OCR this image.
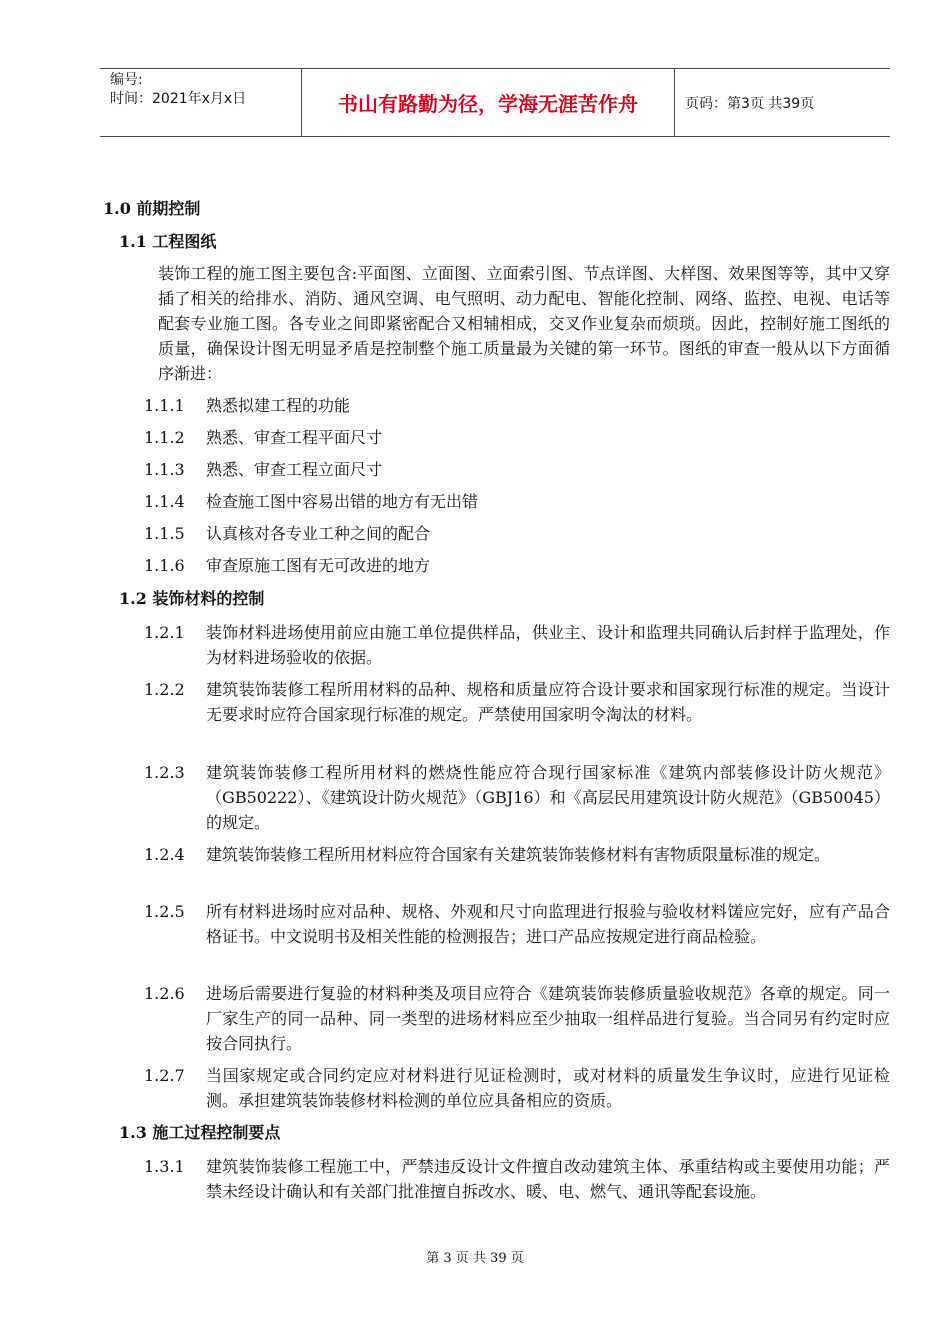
编号:
时间：2021年x月x日	书山有路勤为径，学海无涯苦作舟	页码：第3页 共39页
1.0 前期控制
1.1 工程图纸
装饰工程的施工图主要包含:平面图、立面图、立面索引图、节点详图、大样图、效果图等等，其中又穿插了相关的给排水、消防、通风空调、电气照明、动力配电、智能化控制、网络、监控、电视、电话等配套专业施工图。各专业之间即紧密配合又相辅相成，交叉作业复杂而烦琐。因此，控制好施工图纸的质量，确保设计图无明显矛盾是控制整个施工质量最为关键的第一环节。图纸的审查一般从以下方面循序渐进：
1.1.1	熟悉拟建工程的功能
1.1.2	熟悉、审查工程平面尺寸
1.1.3	熟悉、审查工程立面尺寸
1.1.4	检查施工图中容易出错的地方有无出错
1.1.5	认真核对各专业工种之间的配合
1.1.6	审查原施工图有无可改进的地方
1.2 装饰材料的控制
1.2.1	装饰材料进场使用前应由施工单位提供样品，供业主、设计和监理共同确认后封样于监理处，作为材料进场验收的依据。
1.2.2	建筑装饰装修工程所用材料的品种、规格和质量应符合设计要求和国家现行标准的规定。当设计无要求时应符合国家现行标准的规定。严禁使用国家明令淘汰的材料。
1.2.3	建筑装饰装修工程所用材料的燃烧性能应符合现行国家标准《建筑内部装修设计防火规范》（GB50222）、《建筑设计防火规范》（GBJ16）和《高层民用建筑设计防火规范》（GB50045）的规定。
1.2.4	建筑装饰装修工程所用材料应符合国家有关建筑装饰装修材料有害物质限量标准的规定。
1.2.5	所有材料进场时应对品种、规格、外观和尺寸向监理进行报验与验收材料馐应完好，应有产品合格证书。中文说明书及相关性能的检测报告；进口产品应按规定进行商品检验。
1.2.6	进场后需要进行复验的材料种类及项目应符合《建筑装饰装修质量验收规范》各章的规定。同一厂家生产的同一品种、同一类型的进场材料应至少抽取一组样品进行复验。当合同另有约定时应按合同执行。
1.2.7	当国家规定或合同约定应对材料进行见证检测时，或对材料的质量发生争议时，应进行见证检测。承担建筑装饰装修材料检测的单位应具备相应的资质。
1.3 施工过程控制要点
1.3.1	建筑装饰装修工程施工中，严禁违反设计文件擅自改动建筑主体、承重结构或主要使用功能；严禁未经设计确认和有关部门批准擅自拆改水、暖、电、燃气、通讯等配套设施。
第 3 页 共 39 页
